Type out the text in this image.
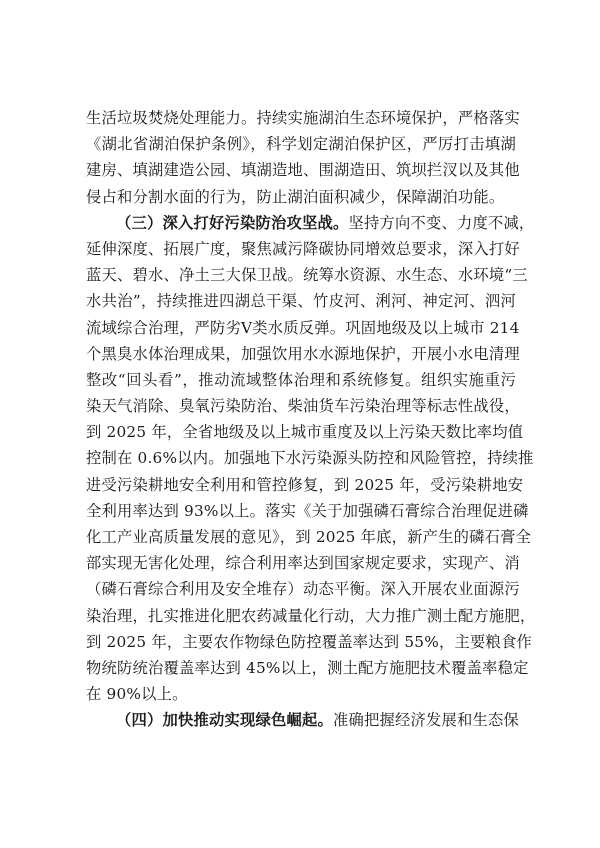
生活垃圾焚烧处理能力。持续实施湖泊生态环境保护，严格落实
《湖北省湖泊保护条例》，科学划定湖泊保护区，严厉打击填湖
建房、填湖建造公园、填湖造地、围湖造田、筑坝拦汊以及其他
侵占和分割水面的行为，防止湖泊面积减少，保障湖泊功能。
（三）深入打好污染防治攻坚战。坚持方向不变、力度不减，
延伸深度、拓展广度，聚焦减污降碳协同增效总要求，深入打好
蓝天、碧水、净土三大保卫战。统筹水资源、水生态、水环境“三
水共治”，持续推进四湖总干渠、竹皮河、浰河、神定河、泗河
流域综合治理，严防劣Ⅴ类水质反弹。巩固地级及以上城市 214
个黑臭水体治理成果，加强饮用水水源地保护，开展小水电清理
整改“回头看”，推动流域整体治理和系统修复。组织实施重污
染天气消除、臭氧污染防治、柴油货车污染治理等标志性战役，
到 2025 年，全省地级及以上城市重度及以上污染天数比率均值
控制在 0.6%以内。加强地下水污染源头防控和风险管控，持续推
进受污染耕地安全利用和管控修复，到 2025 年，受污染耕地安
全利用率达到 93%以上。落实《关于加强磷石膏综合治理促进磷
化工产业高质量发展的意见》，到 2025 年底，新产生的磷石膏全
部实现无害化处理，综合利用率达到国家规定要求，实现产、消
（磷石膏综合利用及安全堆存）动态平衡。深入开展农业面源污
染治理，扎实推进化肥农药减量化行动，大力推广测土配方施肥，
到 2025 年，主要农作物绿色防控覆盖率达到 55%，主要粮食作
物统防统治覆盖率达到 45%以上，测土配方施肥技术覆盖率稳定
在 90%以上。
（四）加快推动实现绿色崛起。准确把握经济发展和生态保
